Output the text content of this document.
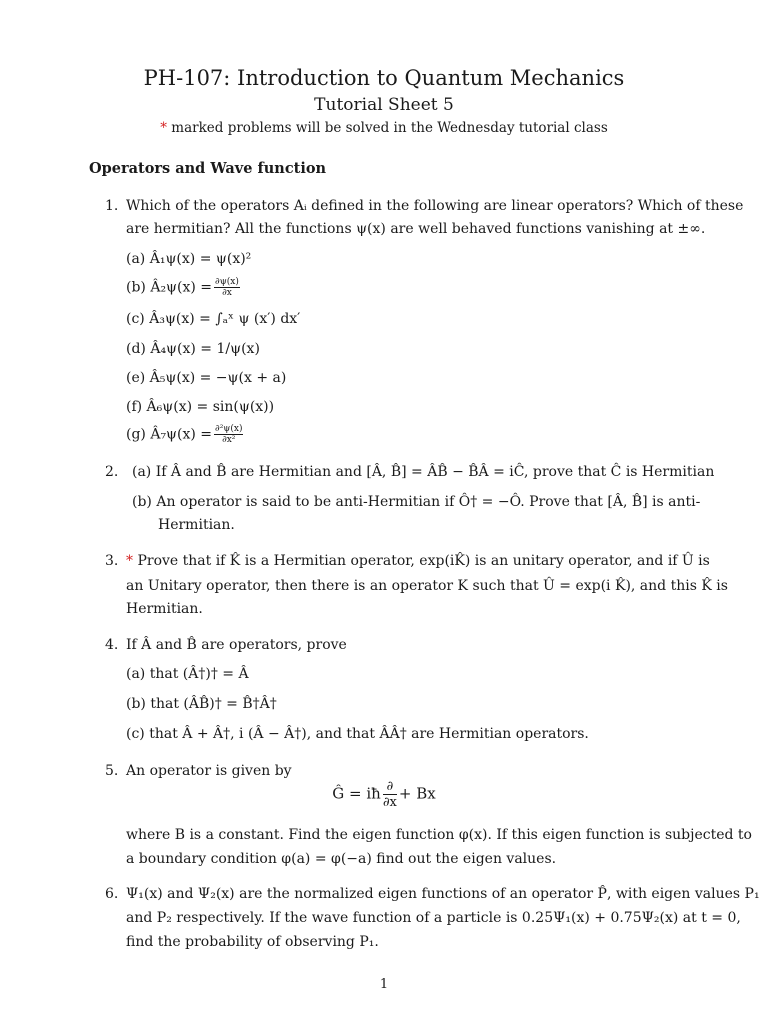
PH-107: Introduction to Quantum Mechanics
Tutorial Sheet 5
* marked problems will be solved in the Wednesday tutorial class
Operators and Wave function
1. Which of the operators Aᵢ defined in the following are linear operators? Which of these
are hermitian? All the functions ψ(x) are well behaved functions vanishing at ±∞.
(a) Â₁ψ(x) = ψ(x)²
(b) Â₂ψ(x) = $\frac{\partial\psi(x)}{\partial x}$
(c) Â₃ψ(x) = ∫ₐˣ ψ (x′) dx′
(d) Â₄ψ(x) = 1/ψ(x)
(e) Â₅ψ(x) = −ψ(x + a)
(f) Â₆ψ(x) = sin(ψ(x))
(g) Â₇ψ(x) = $\frac{\text{∂²ψ(x)}}{\text{∂x²}}$
2. (a) If Â and B̂ are Hermitian and [Â, B̂] = ÂB̂ − B̂Â = iĈ, prove that Ĉ is Hermitian
(b) An operator is said to be anti-Hermitian if Ô† = −Ô. Prove that [Â, B̂] is anti-
Hermitian.
3. * Prove that if K̂ is a Hermitian operator, exp(iK̂) is an unitary operator, and if Û is
an Unitary operator, then there is an operator K such that Û = exp(i K̂), and this K̂ is
Hermitian.
4. If Â and B̂ are operators, prove
(a) that (Â†)† = Â
(b) that (ÂB̂)† = B̂†Â†
(c) that Â + Â†, i (Â − Â†), and that ÂÂ† are Hermitian operators.
5. An operator is given by
Ĝ = iħ $\frac{\partial}{\partial x} + Bx$
where B is a constant. Find the eigen function φ(x). If this eigen function is subjected to
a boundary condition φ(a) = φ(−a) find out the eigen values.
6. Ψ₁(x) and Ψ₂(x) are the normalized eigen functions of an operator P̂, with eigen values P₁
and P₂ respectively. If the wave function of a particle is 0.25Ψ₁(x) + 0.75Ψ₂(x) at t = 0,
find the probability of observing P₁.
1
